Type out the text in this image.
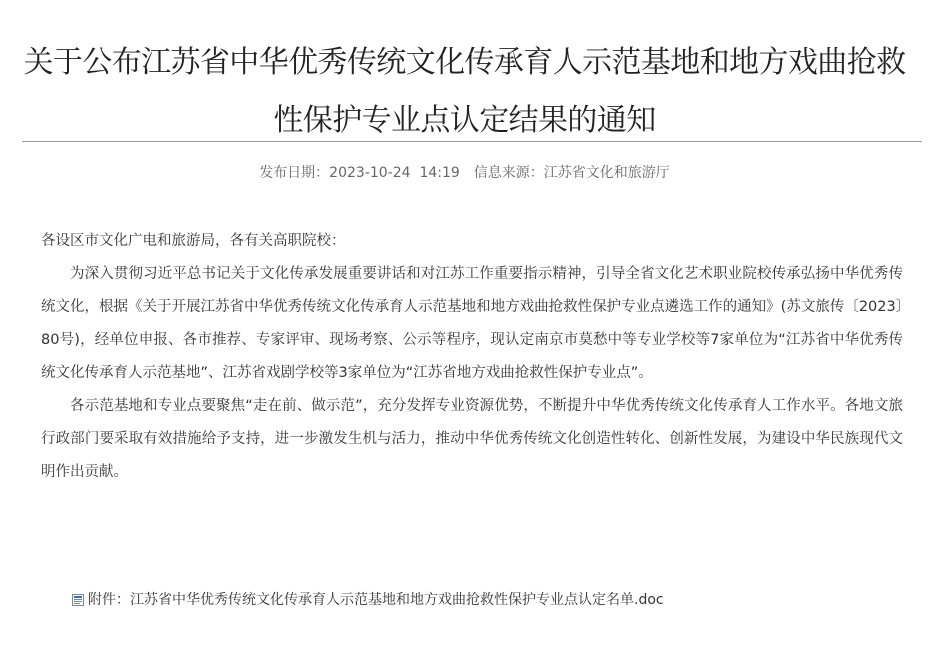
关于公布江苏省中华优秀传统文化传承育人示范基地和地方戏曲抢救
性保护专业点认定结果的通知
发布日期：2023-10-24  14:19 信息来源：江苏省文化和旅游厅

各设区市文化广电和旅游局，各有关高职院校：

为深入贯彻习近平总书记关于文化传承发展重要讲话和对江苏工作重要指示精神，引导全省文化艺术职业院校传承弘扬中华优秀传统文化，根据《关于开展江苏省中华优秀传统文化传承育人示范基地和地方戏曲抢救性保护专业点遴选工作的通知》(苏文旅传〔2023〕80号)，经单位申报、各市推荐、专家评审、现场考察、公示等程序，现认定南京市莫愁中等专业学校等7家单位为“江苏省中华优秀传统文化传承育人示范基地”、江苏省戏剧学校等3家单位为“江苏省地方戏曲抢救性保护专业点”。

各示范基地和专业点要聚焦“走在前、做示范”，充分发挥专业资源优势，不断提升中华优秀传统文化传承育人工作水平。各地文旅行政部门要采取有效措施给予支持，进一步激发生机与活力，推动中华优秀传统文化创造性转化、创新性发展，为建设中华民族现代文明作出贡献。

附件：江苏省中华优秀传统文化传承育人示范基地和地方戏曲抢救性保护专业点认定名单.doc
